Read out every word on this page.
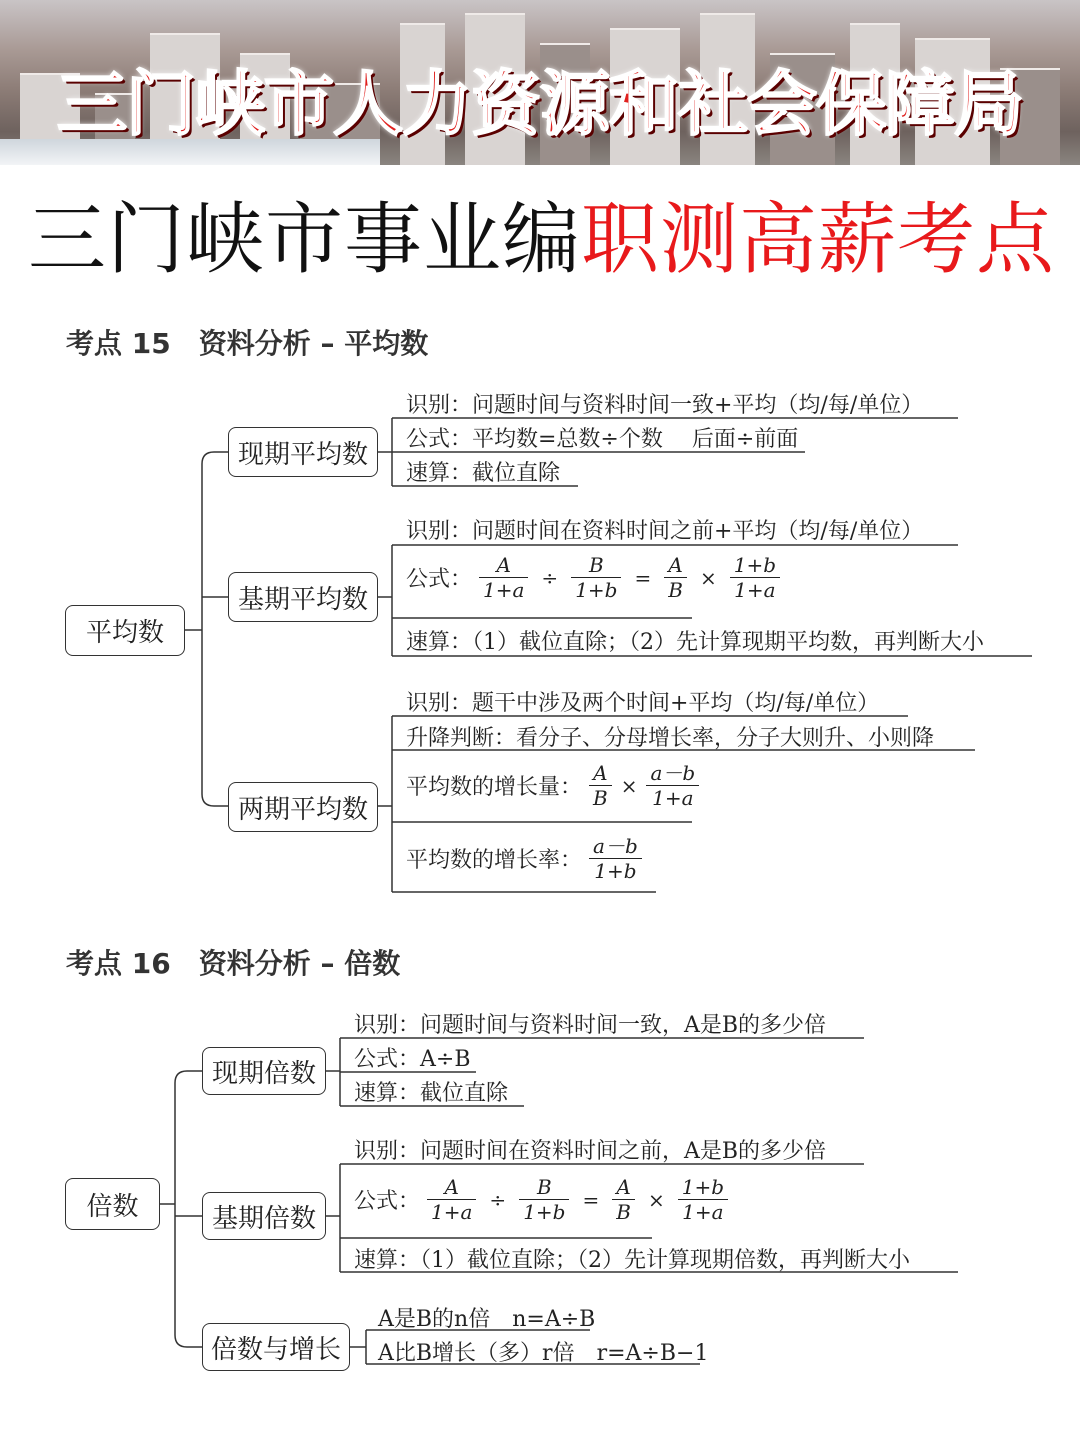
三门峡市人力资源和社会保障局
三门峡市事业编职测高薪考点
考点 15　资料分析 – 平均数
平均数
现期平均数
识别：问题时间与资料时间一致+平均（均/每/单位）
公式：平均数=总数÷个数　 后面÷前面
速算：截位直除
基期平均数
识别：问题时间在资料时间之前+平均（均/每/单位）
公式： $\frac{A}{1+a} \div \frac{B}{1+b} = \frac{A}{B} \times \frac{1+b}{1+a}$
速算：（1）截位直除；（2）先计算现期平均数，再判断大小
两期平均数
识别：题干中涉及两个时间+平均（均/每/单位）
升降判断：看分子、分母增长率，分子大则升、小则降
平均数的增长量： $\frac{A}{B} \times \frac{a-b}{1+a}$
平均数的增长率： $\frac{a-b}{1+b}$
考点 16　资料分析 – 倍数
倍数
现期倍数
识别：问题时间与资料时间一致，A是B的多少倍
公式：A÷B
速算：截位直除
基期倍数
识别：问题时间在资料时间之前，A是B的多少倍
公式： $\frac{A}{1+a} \div \frac{B}{1+b} = \frac{A}{B} \times \frac{1+b}{1+a}$
速算：（1）截位直除；（2）先计算现期倍数，再判断大小
倍数与增长
A是B的n倍　n=A÷B
A比B增长（多）r倍　r=A÷B−1
